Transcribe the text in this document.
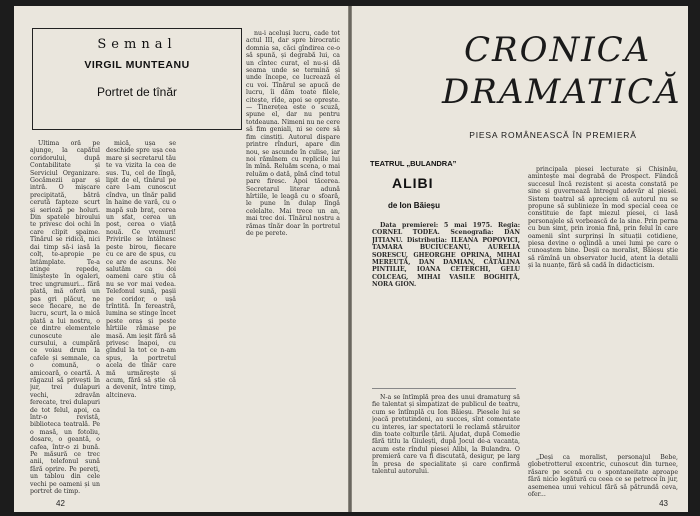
Semnal
VIRGIL MUNTEANU
Portret de tînăr

Ultima oră pe ajunge, la capătul coridorului, după Contabilitate și Serviciul Organizare. Gocămezii apar și intră. O mișcare precipitată, bătrâ cerută fapteze scurt și serioză pe holuri. Din spatele biroului te privesc doi ochi în care clipit șpaime. Tînărul se ridică, nici dai timp să-i iasă la colț, te-apropie pe întâmplate. Te-a atinge repede, liniștește în ogaleri, trec ungrumuri... fără plată, mă oferă un pas gri plăcut, ne sece fiecare, ne de lucru, scurt, la o mică plată a lui nostru, o ce dintre elementele cunoscute ale cursului, a cumpără ce voiau drum la cafele și semnale, ca o comună, o amicoară, o ceartă. A răgazul să privești în jur, trei dulapuri vechi, zdravăn ferecate, trei dulapuri de tot felul, apoi, ca într-o revistă, biblioteca teatrală. Pe o masă, un fotoliu, dosare, o geantă, o cafea, într-o zi bună. Pe măsură ce trec anii, telefonul sună fără oprire. Pe pereți, un tablou din cele vechi pe oameni și un portret de timp.

mică, ușa se deschide spre ușa cea mare și secretarul tău te va vizita la cea de sus. Tu, cel de lîngă, lipit de el, tînărul pe care l-am cunoscut cîndva, un tînăr palid în haine de vară, cu o mapă sub braț, cerea un sfat, cerea un post, cerea o viață nouă. Ce vremuri! Privirile se întâlnesc peste birou, fiecare cu ce are de spus, cu ce are de ascuns. Ne salutăm ca doi oameni care știu că nu se vor mai vedea. Telefonul sună, pașii pe coridor, o ușă trîntită. În fereastră, lumina se stinge încet peste oraș și peste hîrtiile rămase pe masă. Am ieșit fără să privesc înapoi, cu gîndul la tot ce n-am spus, la portretul acela de tînăr care mă urmărește și acum, fără să știe că a devenit, între timp, altcineva.

nu-i aceluși lucru, cade tot actul III, dar spre birocratic domnia sa, căci gîndirea ce-o să spună, și degrabă lui, ca un cîntec curat, el nu-și dă seama unde se termină și unde începe, ce lucrează el cu voi. Tînărul se apucă de lucru, îi dăm toate filele, citește, rîde, apoi se oprește. — Tinerețea este o scuză, spune el, dar nu pentru totdeauna. Nimeni nu ne cere să fim geniali, ni se cere să fim cinstiți. Autorul dispare printre rînduri, apare din nou, se ascunde în culise, iar noi rămînem cu replicile lui în mînă. Reluăm scena, o mai reluăm o dată, pînă cînd totul pare firesc. Apoi tăcerea. Secretarul literar adună hîrtiile, le leagă cu o sfoară, le pune în dulap lîngă celelalte. Mai trece un an, mai trec doi. Tînărul nostru a rămas tînăr doar în portretul de pe perete.

42
CRONICA
DRAMATICĂ
PIESA ROMÂNEASCĂ ÎN PREMIERĂ
TEATRUL „BULANDRA”
ALIBI
de Ion Băieșu

Data premierei: 5 mai 1975. Regia: CORNEL TODEA. Scenografia: DAN JITIANU. Distribuția: ILEANA POPOVICI, TAMARA BUCIUCEANU, AURELIA SORESCU, GHEORGHE OPRINA, MIHAI MEREUȚĂ, DAN DAMIAN, CĂTĂLINA PINTILIE, IOANA CETERCHI, GELU COLCEAG, MIHAI VASILE BOGHIȚĂ, NORA GION.

N-a se întîmplă prea des unui dramaturg să fie talentat și simpatizat de publicul de teatru, cum se întîmplă cu Ion Băieșu. Piesele lui se joacă pretutindeni, au succes, sînt comentate cu interes, iar spectatorii le reclamă stăruitor din toate colțurile țării. Ajudat, după Comedie fără titlu la Giulești, după Jocul de-a vacanța, acum este rîndul piesei Alibi, la Bulandra. O premieră care va fi discutată, desigur, pe larg în presa de specialitate și care confirmă talentul autorului.

principala piesei lecturate și Chișinău, amintește mai degrabă de Prospect. Fiindcă succesul încă rezistent și acesta constată pe sine și guvernează întregul adevăr al piesei. Sistem teatral să apreciem că autorul nu se propune să sublinieze în mod special ceea ce constituie de fapt miezul piesei, ci lasă personajele să vorbească de la sine. Prin perna cu bun simț, prin ironia fină, prin felul în care oamenii sînt surprinși în situații cotidiene, piesa devine o oglindă a unei lumi pe care o cunoaștem bine. Deșii ca moralist, Băieșu știe să rămînă un observator lucid, atent la detalii și la nuanțe, fără să cadă în didacticism.

„Deși ca moralist, personajul Bebe, globetrotterul excentric, cunoscut din turnee, răsare pe scenă cu o spontaneitate aproape fără nicio legătură cu ceea ce se petrece în jur, asemenea unui vehicul fără să pătrundă ceva, ofer...

43
